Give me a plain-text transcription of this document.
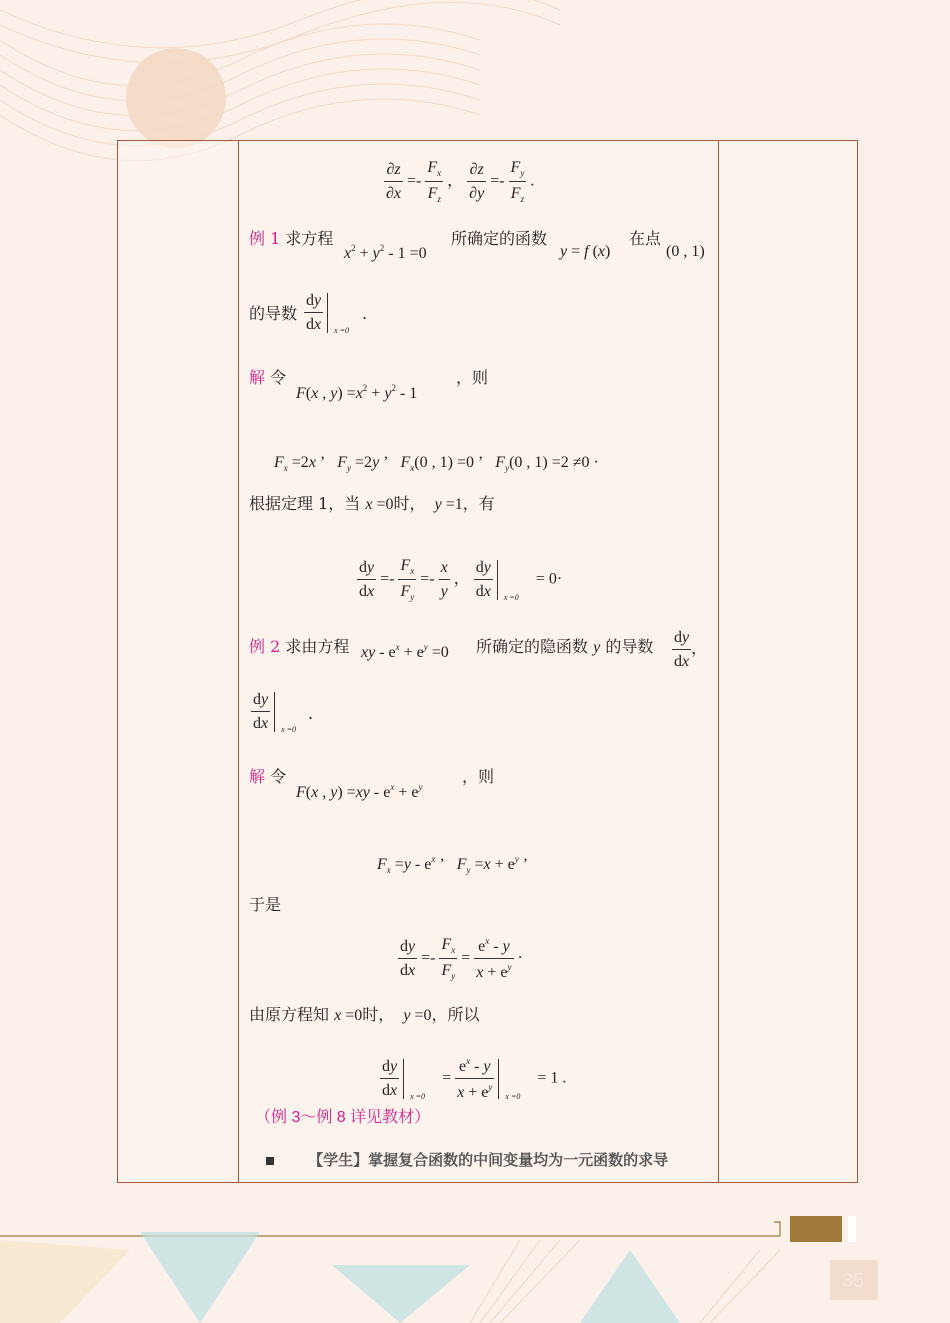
35
$\frac{\partial z}{\partial x} =- \frac{F_x}{F_z}$ ， $\frac{\partial z}{\partial y} =- \frac{F_y}{F_z}$ .
例 1 求方程
$x^2 + y^2 - 1 =0$
所确定的函数
y = f (x)
在点
(0 , 1)
的导数 $\frac{dy}{dx}$ x =0
.
解 令
F(x , $y) =x^2 + y^2 - 1$
，则
$F_x =2x$ ’   $F_y =2y$ ’   $F_x(0$ , 1) =0 ’   $F_y(0$ , 1) =2 ≠0 ·
根据定理 1，当 x =0时， y =1，有
$\frac{dy}{dx} =- \frac{F_x}{F_y} =- \frac{x}{y}$ ， $\frac{dy}{dx}$ x =0
= 0·
例 2 求由方程 xy - $e^x + e^y =0$ 所确定的隐函数 y 的导数 $\frac{dy}{dx}$ ，
$\frac{dy}{dx}$ x =0
.
解 令
F(x , $y) =xy - e^x + e^y$
，则
$F_x =y - e^x$ ’   $F_y =x + e^y$ ’
于是
$\frac{dy}{dx} =- \frac{F_x}{F_y} = \frac{e^x - y}{x + e^y}$ ·
由原方程知 x =0时， y =0，所以
$\frac{dy}{dx}$ x =0
= $\frac{e^x - y}{x + e^y}$ x =0
= 1 .
（例 3～例 8 详见教材）
【学生】掌握复合函数的中间变量均为一元函数的求导
